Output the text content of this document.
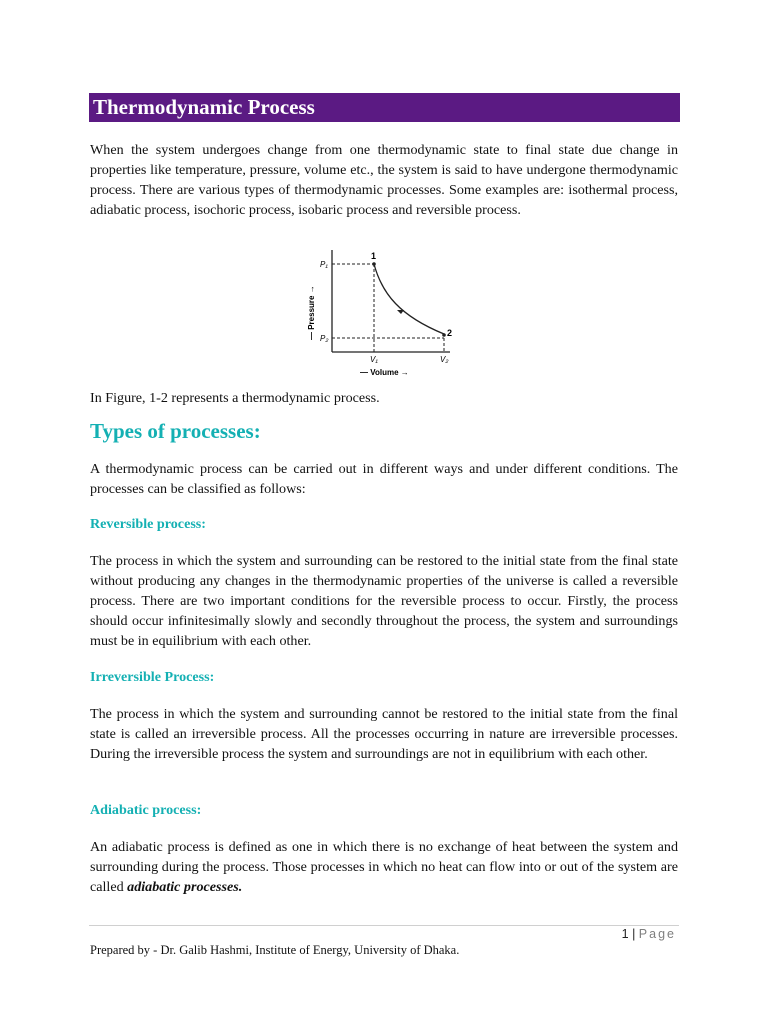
Thermodynamic Process

When the system undergoes change from one thermodynamic state to final state due change in properties like temperature, pressure, volume etc., the system is said to have undergone thermodynamic process. There are various types of thermodynamic processes. Some examples are: isothermal process, adiabatic process, isochoric process, isobaric process and reversible process.

1
2
P₁
P₂
V₁	V₂
— Volume →
— Pressure →

In Figure, 1-2 represents a thermodynamic process.

Types of processes:

A thermodynamic process can be carried out in different ways and under different conditions. The processes can be classified as follows:

Reversible process:

The process in which the system and surrounding can be restored to the initial state from the final state without producing any changes in the thermodynamic properties of the universe is called a reversible process. There are two important conditions for the reversible process to occur. Firstly, the process should occur infinitesimally slowly and secondly throughout the process, the system and surroundings must be in equilibrium with each other.

Irreversible Process:

The process in which the system and surrounding cannot be restored to the initial state from the final state is called an irreversible process. All the processes occurring in nature are irreversible processes. During the irreversible process the system and surroundings are not in equilibrium with each other.

Adiabatic process:

An adiabatic process is defined as one in which there is no exchange of heat between the system and surrounding during the process. Those processes in which no heat can flow into or out of the system are called adiabatic processes.

1 | Page
Prepared by - Dr. Galib Hashmi, Institute of Energy, University of Dhaka.
